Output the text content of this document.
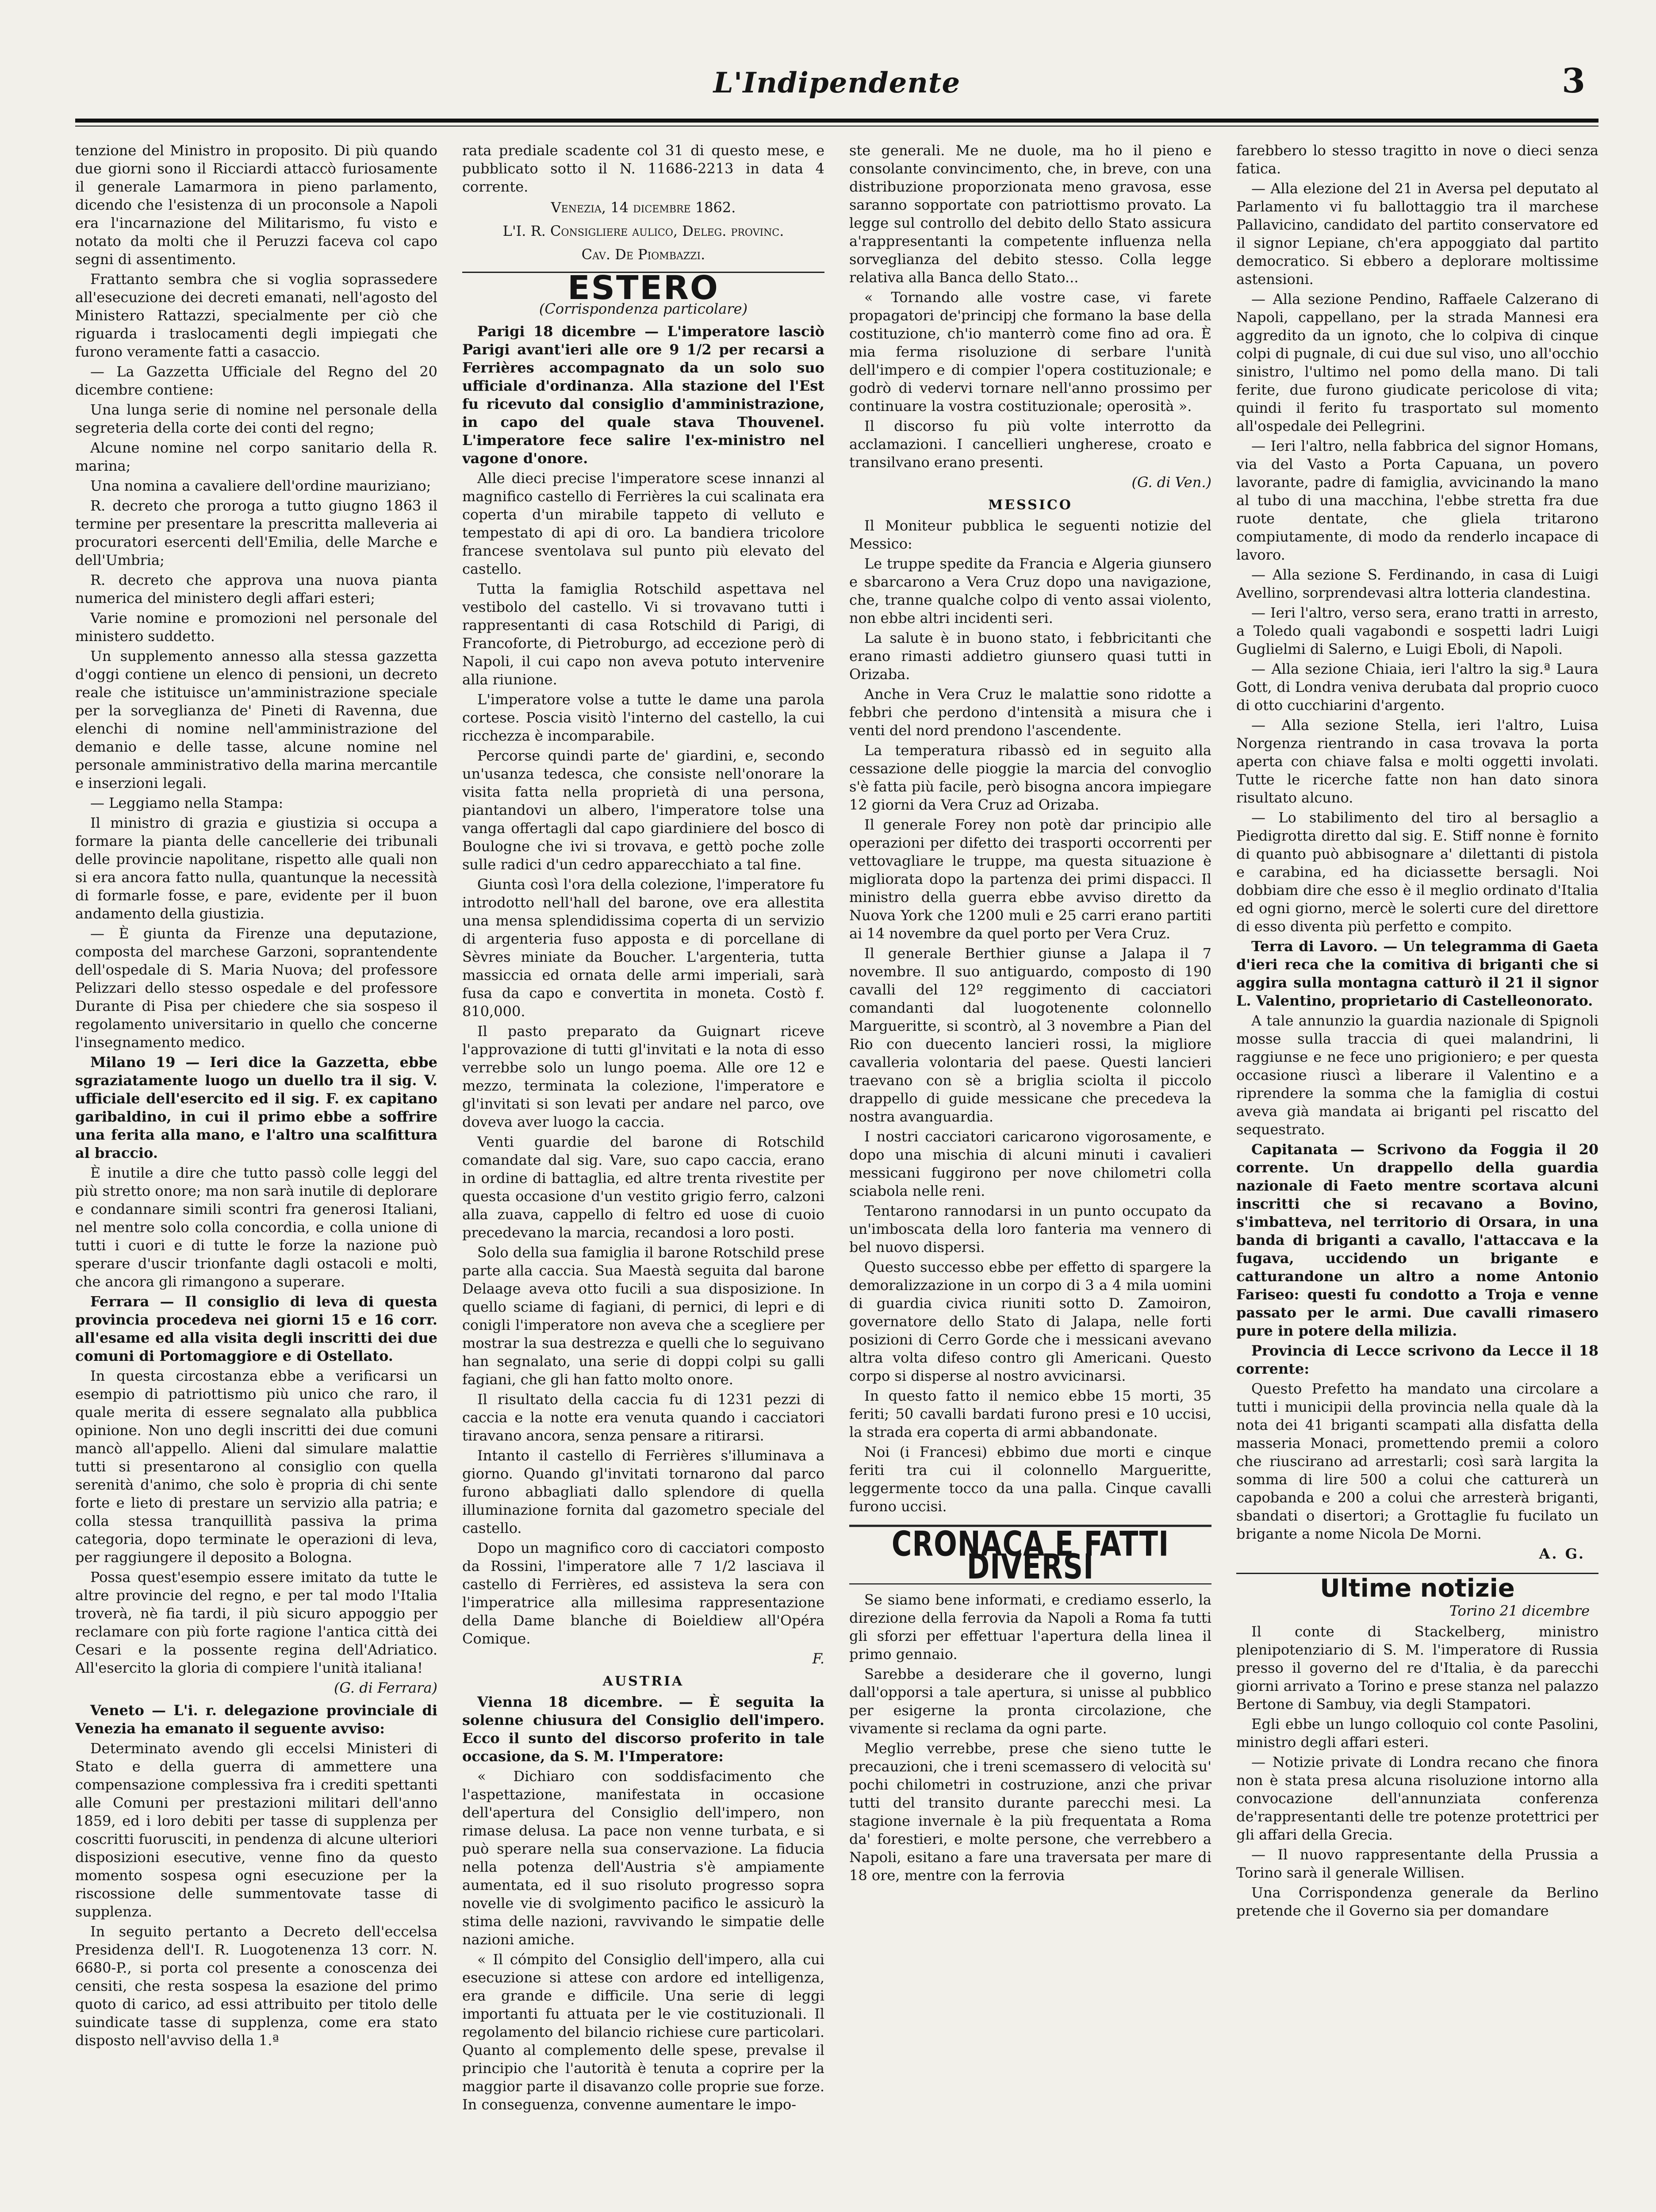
L'Indipendente	3

tenzione del Ministro in proposito. Di più quando due giorni sono il Ricciardi attaccò furiosamente il generale Lamarmora in pieno parlamento, dicendo che l'esistenza di un proconsole a Napoli era l'incarnazione del Militarismo, fu visto e notato da molti che il Peruzzi faceva col capo segni di assentimento.

Frattanto sembra che si voglia soprassedere all'esecuzione dei decreti emanati, nell'agosto del Ministero Rattazzi, specialmente per ciò che riguarda i traslocamenti degli impiegati che furono veramente fatti a casaccio.

— La Gazzetta Ufficiale del Regno del 20 dicembre contiene:

Una lunga serie di nomine nel personale della segreteria della corte dei conti del regno;

Alcune nomine nel corpo sanitario della R. marina;

Una nomina a cavaliere dell'ordine mauriziano;

R. decreto che proroga a tutto giugno 1863 il termine per presentare la prescritta malleveria ai procuratori esercenti dell'Emilia, delle Marche e dell'Umbria;

R. decreto che approva una nuova pianta numerica del ministero degli affari esteri;

Varie nomine e promozioni nel personale del ministero suddetto.

Un supplemento annesso alla stessa gazzetta d'oggi contiene un elenco di pensioni, un decreto reale che istituisce un'amministrazione speciale per la sorveglianza de' Pineti di Ravenna, due elenchi di nomine nell'amministrazione del demanio e delle tasse, alcune nomine nel personale amministrativo della marina mercantile e inserzioni legali.

— Leggiamo nella Stampa:

Il ministro di grazia e giustizia si occupa a formare la pianta delle cancellerie dei tribunali delle provincie napolitane, rispetto alle quali non si era ancora fatto nulla, quantunque la necessità di formarle fosse, e pare, evidente per il buon andamento della giustizia.

— È giunta da Firenze una deputazione, composta del marchese Garzoni, soprantendente dell'ospedale di S. Maria Nuova; del professore Pelizzari dello stesso ospedale e del professore Durante di Pisa per chiedere che sia sospeso il regolamento universitario in quello che concerne l'insegnamento medico.

Milano 19 — Ieri dice la Gazzetta, ebbe sgraziatamente luogo un duello tra il sig. V. ufficiale dell'esercito ed il sig. F. ex capitano garibaldino, in cui il primo ebbe a soffrire una ferita alla mano, e l'altro una scalfittura al braccio.

È inutile a dire che tutto passò colle leggi del più stretto onore; ma non sarà inutile di deplorare e condannare simili scontri fra generosi Italiani, nel mentre solo colla concordia, e colla unione di tutti i cuori e di tutte le forze la nazione può sperare d'uscir trionfante dagli ostacoli e molti, che ancora gli rimangono a superare.

Ferrara — Il consiglio di leva di questa provincia procedeva nei giorni 15 e 16 corr. all'esame ed alla visita degli inscritti dei due comuni di Portomaggiore e di Ostellato.

In questa circostanza ebbe a verificarsi un esempio di patriottismo più unico che raro, il quale merita di essere segnalato alla pubblica opinione. Non uno degli inscritti dei due comuni mancò all'appello. Alieni dal simulare malattie tutti si presentarono al consiglio con quella serenità d'animo, che solo è propria di chi sente forte e lieto di prestare un servizio alla patria; e colla stessa tranquillità passiva la prima categoria, dopo terminate le operazioni di leva, per raggiungere il deposito a Bologna.

Possa quest'esempio essere imitato da tutte le altre provincie del regno, e per tal modo l'Italia troverà, nè fia tardi, il più sicuro appoggio per reclamare con più forte ragione l'antica città dei Cesari e la possente regina dell'Adriatico. All'esercito la gloria di compiere l'unità italiana!

(G. di Ferrara)

Veneto — L'i. r. delegazione provinciale di Venezia ha emanato il seguente avviso:

Determinato avendo gli eccelsi Ministeri di Stato e della guerra di ammettere una compensazione complessiva fra i crediti spettanti alle Comuni per prestazioni militari dell'anno 1859, ed i loro debiti per tasse di supplenza per coscritti fuorusciti, in pendenza di alcune ulteriori disposizioni esecutive, venne fino da questo momento sospesa ogni esecuzione per la riscossione delle summentovate tasse di supplenza.

In seguito pertanto a Decreto dell'eccelsa Presidenza dell'I. R. Luogotenenza 13 corr. N. 6680-P., si porta col presente a conoscenza dei censiti, che resta sospesa la esazione del primo quoto di carico, ad essi attribuito per titolo delle suindicate tasse di supplenza, come era stato disposto nell'avviso della 1.ª

rata prediale scadente col 31 di questo mese, e pubblicato sotto il N. 11686-2213 in data 4 corrente.

Venezia, 14 dicembre 1862.
L'I. R. Consigliere aulico, Deleg. provinc.
Cav. De Piombazzi.
ESTERO
(Corrispondenza particolare)

Parigi 18 dicembre — L'imperatore lasciò Parigi avant'ieri alle ore 9 1/2 per recarsi a Ferrières accompagnato da un solo suo ufficiale d'ordinanza. Alla stazione del l'Est fu ricevuto dal consiglio d'amministrazione, in capo del quale stava Thouvenel. L'imperatore fece salire l'ex-ministro nel vagone d'onore.

Alle dieci precise l'imperatore scese innanzi al magnifico castello di Ferrières la cui scalinata era coperta d'un mirabile tappeto di velluto e tempestato di api di oro. La bandiera tricolore francese sventolava sul punto più elevato del castello.

Tutta la famiglia Rotschild aspettava nel vestibolo del castello. Vi si trovavano tutti i rappresentanti di casa Rotschild di Parigi, di Francoforte, di Pietroburgo, ad eccezione però di Napoli, il cui capo non aveva potuto intervenire alla riunione.

L'imperatore volse a tutte le dame una parola cortese. Poscia visitò l'interno del castello, la cui ricchezza è incomparabile.

Percorse quindi parte de' giardini, e, secondo un'usanza tedesca, che consiste nell'onorare la visita fatta nella proprietà di una persona, piantandovi un albero, l'imperatore tolse una vanga offertagli dal capo giardiniere del bosco di Boulogne che ivi si trovava, e gettò poche zolle sulle radici d'un cedro apparecchiato a tal fine.

Giunta così l'ora della colezione, l'imperatore fu introdotto nell'hall del barone, ove era allestita una mensa splendidissima coperta di un servizio di argenteria fuso apposta e di porcellane di Sèvres miniate da Boucher. L'argenteria, tutta massiccia ed ornata delle armi imperiali, sarà fusa da capo e convertita in moneta. Costò f. 810,000.

Il pasto preparato da Guignart riceve l'approvazione di tutti gl'invitati e la nota di esso verrebbe solo un lungo poema. Alle ore 12 e mezzo, terminata la colezione, l'imperatore e gl'invitati si son levati per andare nel parco, ove doveva aver luogo la caccia.

Venti guardie del barone di Rotschild comandate dal sig. Vare, suo capo caccia, erano in ordine di battaglia, ed altre trenta rivestite per questa occasione d'un vestito grigio ferro, calzoni alla zuava, cappello di feltro ed uose di cuoio precedevano la marcia, recandosi a loro posti.

Solo della sua famiglia il barone Rotschild prese parte alla caccia. Sua Maestà seguita dal barone Delaage aveva otto fucili a sua disposizione. In quello sciame di fagiani, di pernici, di lepri e di conigli l'imperatore non aveva che a scegliere per mostrar la sua destrezza e quelli che lo seguivano han segnalato, una serie di doppi colpi su galli fagiani, che gli han fatto molto onore.

Il risultato della caccia fu di 1231 pezzi di caccia e la notte era venuta quando i cacciatori tiravano ancora, senza pensare a ritirarsi.

Intanto il castello di Ferrières s'illuminava a giorno. Quando gl'invitati tornarono dal parco furono abbagliati dallo splendore di quella illuminazione fornita dal gazometro speciale del castello.

Dopo un magnifico coro di cacciatori composto da Rossini, l'imperatore alle 7 1/2 lasciava il castello di Ferrières, ed assisteva la sera con l'imperatrice alla millesima rappresentazione della Dame blanche di Boieldiew all'Opéra Comique.

F.
AUSTRIA

Vienna 18 dicembre. — È seguita la solenne chiusura del Consiglio dell'impero. Ecco il sunto del discorso proferito in tale occasione, da S. M. l'Imperatore:

« Dichiaro con soddisfacimento che l'aspettazione, manifestata in occasione dell'apertura del Consiglio dell'impero, non rimase delusa. La pace non venne turbata, e si può sperare nella sua conservazione. La fiducia nella potenza dell'Austria s'è ampiamente aumentata, ed il suo risoluto progresso sopra novelle vie di svolgimento pacifico le assicurò la stima delle nazioni, ravvivando le simpatie delle nazioni amiche.

« Il cómpito del Consiglio dell'impero, alla cui esecuzione si attese con ardore ed intelligenza, era grande e difficile. Una serie di leggi importanti fu attuata per le vie costituzionali. Il regolamento del bilancio richiese cure particolari. Quanto al complemento delle spese, prevalse il principio che l'autorità è tenuta a coprire per la maggior parte il disavanzo colle proprie sue forze. In conseguenza, convenne aumentare le impo-

ste generali. Me ne duole, ma ho il pieno e consolante convincimento, che, in breve, con una distribuzione proporzionata meno gravosa, esse saranno sopportate con patriottismo provato. La legge sul controllo del debito dello Stato assicura a'rappresentanti la competente influenza nella sorveglianza del debito stesso. Colla legge relativa alla Banca dello Stato...

« Tornando alle vostre case, vi farete propagatori de'principj che formano la base della costituzione, ch'io manterrò come fino ad ora. È mia ferma risoluzione di serbare l'unità dell'impero e di compier l'opera costituzionale; e godrò di vedervi tornare nell'anno prossimo per continuare la vostra costituzionale; operosità ».

Il discorso fu più volte interrotto da acclamazioni. I cancellieri ungherese, croato e transilvano erano presenti.

(G. di Ven.)
MESSICO

Il Moniteur pubblica le seguenti notizie del Messico:

Le truppe spedite da Francia e Algeria giunsero e sbarcarono a Vera Cruz dopo una navigazione, che, tranne qualche colpo di vento assai violento, non ebbe altri incidenti seri.

La salute è in buono stato, i febbricitanti che erano rimasti addietro giunsero quasi tutti in Orizaba.

Anche in Vera Cruz le malattie sono ridotte a febbri che perdono d'intensità a misura che i venti del nord prendono l'ascendente.

La temperatura ribassò ed in seguito alla cessazione delle pioggie la marcia del convoglio s'è fatta più facile, però bisogna ancora impiegare 12 giorni da Vera Cruz ad Orizaba.

Il generale Forey non potè dar principio alle operazioni per difetto dei trasporti occorrenti per vettovagliare le truppe, ma questa situazione è migliorata dopo la partenza dei primi dispacci. Il ministro della guerra ebbe avviso diretto da Nuova York che 1200 muli e 25 carri erano partiti ai 14 novembre da quel porto per Vera Cruz.

Il generale Berthier giunse a Jalapa il 7 novembre. Il suo antiguardo, composto di 190 cavalli del 12º reggimento di cacciatori comandanti dal luogotenente colonnello Margueritte, si scontrò, al 3 novembre a Pian del Rio con duecento lancieri rossi, la migliore cavalleria volontaria del paese. Questi lancieri traevano con sè a briglia sciolta il piccolo drappello di guide messicane che precedeva la nostra avanguardia.

I nostri cacciatori caricarono vigorosamente, e dopo una mischia di alcuni minuti i cavalieri messicani fuggirono per nove chilometri colla sciabola nelle reni.

Tentarono rannodarsi in un punto occupato da un'imboscata della loro fanteria ma vennero di bel nuovo dispersi.

Questo successo ebbe per effetto di spargere la demoralizzazione in un corpo di 3 a 4 mila uomini di guardia civica riuniti sotto D. Zamoiron, governatore dello Stato di Jalapa, nelle forti posizioni di Cerro Gorde che i messicani avevano altra volta difeso contro gli Americani. Questo corpo si disperse al nostro avvicinarsi.

In questo fatto il nemico ebbe 15 morti, 35 feriti; 50 cavalli bardati furono presi e 10 uccisi, la strada era coperta di armi abbandonate.

Noi (i Francesi) ebbimo due morti e cinque feriti tra cui il colonnello Margueritte, leggermente tocco da una palla. Cinque cavalli furono uccisi.

CRONACA E FATTI DIVERSI

Se siamo bene informati, e crediamo esserlo, la direzione della ferrovia da Napoli a Roma fa tutti gli sforzi per effettuar l'apertura della linea il primo gennaio.

Sarebbe a desiderare che il governo, lungi dall'opporsi a tale apertura, si unisse al pubblico per esigerne la pronta circolazione, che vivamente si reclama da ogni parte.

Meglio verrebbe, prese che sieno tutte le precauzioni, che i treni scemassero di velocità su' pochi chilometri in costruzione, anzi che privar tutti del transito durante parecchi mesi. La stagione invernale è la più frequentata a Roma da' forestieri, e molte persone, che verrebbero a Napoli, esitano a fare una traversata per mare di 18 ore, mentre con la ferrovia

farebbero lo stesso tragitto in nove o dieci senza fatica.

— Alla elezione del 21 in Aversa pel deputato al Parlamento vi fu ballottaggio tra il marchese Pallavicino, candidato del partito conservatore ed il signor Lepiane, ch'era appoggiato dal partito democratico. Si ebbero a deplorare moltissime astensioni.

— Alla sezione Pendino, Raffaele Calzerano di Napoli, cappellano, per la strada Mannesi era aggredito da un ignoto, che lo colpiva di cinque colpi di pugnale, di cui due sul viso, uno all'occhio sinistro, l'ultimo nel pomo della mano. Di tali ferite, due furono giudicate pericolose di vita; quindi il ferito fu trasportato sul momento all'ospedale dei Pellegrini.

— Ieri l'altro, nella fabbrica del signor Homans, via del Vasto a Porta Capuana, un povero lavorante, padre di famiglia, avvicinando la mano al tubo di una macchina, l'ebbe stretta fra due ruote dentate, che gliela tritarono compiutamente, di modo da renderlo incapace di lavoro.

— Alla sezione S. Ferdinando, in casa di Luigi Avellino, sorprendevasi altra lotteria clandestina.

— Ieri l'altro, verso sera, erano tratti in arresto, a Toledo quali vagabondi e sospetti ladri Luigi Guglielmi di Salerno, e Luigi Eboli, di Napoli.

— Alla sezione Chiaia, ieri l'altro la sig.ª Laura Gott, di Londra veniva derubata dal proprio cuoco di otto cucchiarini d'argento.

— Alla sezione Stella, ieri l'altro, Luisa Norgenza rientrando in casa trovava la porta aperta con chiave falsa e molti oggetti involati. Tutte le ricerche fatte non han dato sinora risultato alcuno.

— Lo stabilimento del tiro al bersaglio a Piedigrotta diretto dal sig. E. Stiff nonne è fornito di quanto può abbisognare a' dilettanti di pistola e carabina, ed ha diciassette bersagli. Noi dobbiam dire che esso è il meglio ordinato d'Italia ed ogni giorno, mercè le solerti cure del direttore di esso diventa più perfetto e compito.

Terra di Lavoro. — Un telegramma di Gaeta d'ieri reca che la comitiva di briganti che si aggira sulla montagna catturò il 21 il signor L. Valentino, proprietario di Castelleonorato.

A tale annunzio la guardia nazionale di Spignoli mosse sulla traccia di quei malandrini, li raggiunse e ne fece uno prigioniero; e per questa occasione riuscì a liberare il Valentino e a riprendere la somma che la famiglia di costui aveva già mandata ai briganti pel riscatto del sequestrato.

Capitanata — Scrivono da Foggia il 20 corrente. Un drappello della guardia nazionale di Faeto mentre scortava alcuni inscritti che si recavano a Bovino, s'imbatteva, nel territorio di Orsara, in una banda di briganti a cavallo, l'attaccava e la fugava, uccidendo un brigante e catturandone un altro a nome Antonio Fariseo: questi fu condotto a Troja e venne passato per le armi. Due cavalli rimasero pure in potere della milizia.

Provincia di Lecce scrivono da Lecce il 18 corrente:

Questo Prefetto ha mandato una circolare a tutti i municipii della provincia nella quale dà la nota dei 41 briganti scampati alla disfatta della masseria Monaci, promettendo premii a coloro che riuscirano ad arrestarli; così sarà largita la somma di lire 500 a colui che catturerà un capobanda e 200 a colui che arresterà briganti, sbandati o disertori; a Grottaglie fu fucilato un brigante a nome Nicola De Morni.

A. G.
Ultime notizie
Torino 21 dicembre

Il conte di Stackelberg, ministro plenipotenziario di S. M. l'imperatore di Russia presso il governo del re d'Italia, è da parecchi giorni arrivato a Torino e prese stanza nel palazzo Bertone di Sambuy, via degli Stampatori.

Egli ebbe un lungo colloquio col conte Pasolini, ministro degli affari esteri.

— Notizie private di Londra recano che finora non è stata presa alcuna risoluzione intorno alla convocazione dell'annunziata conferenza de'rappresentanti delle tre potenze protettrici per gli affari della Grecia.

— Il nuovo rappresentante della Prussia a Torino sarà il generale Willisen.

Una Corrispondenza generale da Berlino pretende che il Governo sia per domandare
